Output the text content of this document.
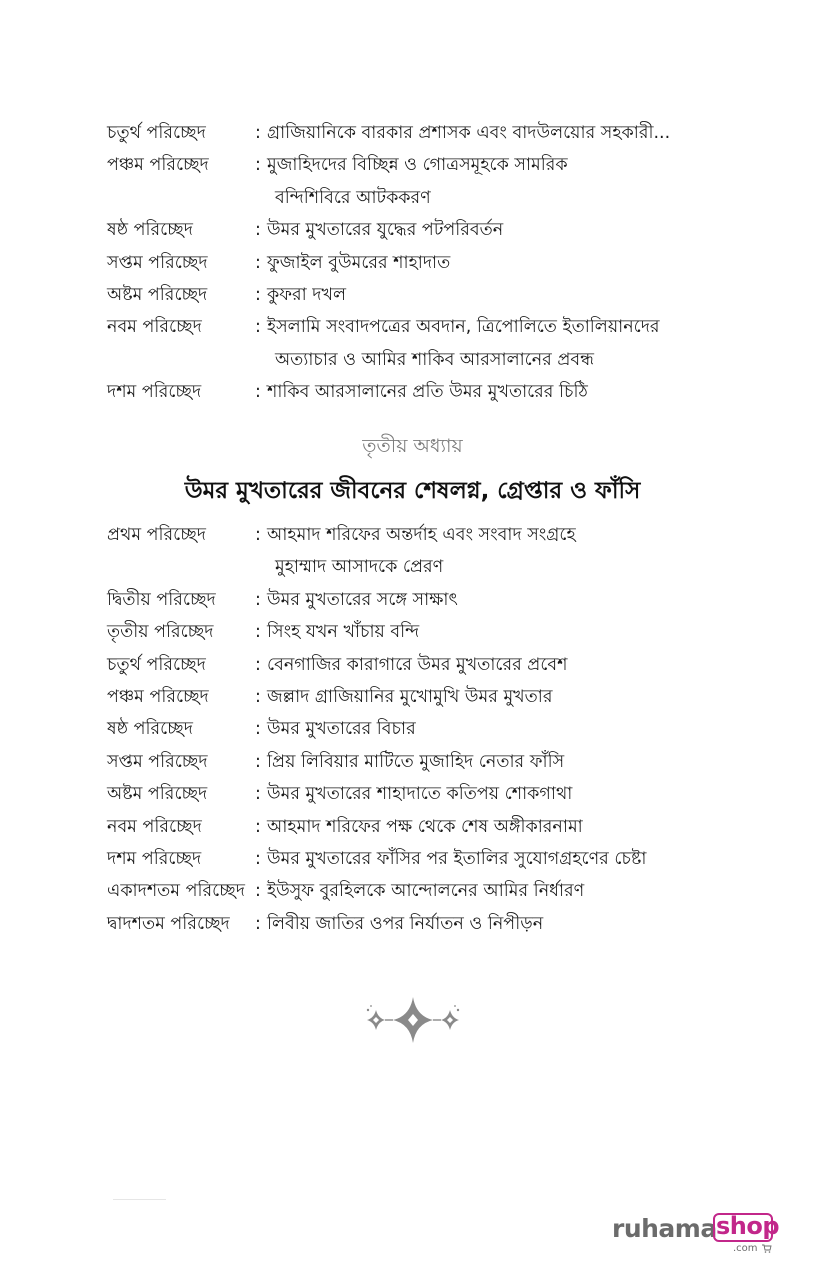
চতুর্থ পরিচ্ছেদ	: গ্রাজিয়ানিকে বারকার প্রশাসক এবং বাদউলয়োর সহকারী...
পঞ্চম পরিচ্ছেদ	: মুজাহিদদের বিচ্ছিন্ন ও গোত্রসমূহকে সামরিক
বন্দিশিবিরে আটককরণ
ষষ্ঠ পরিচ্ছেদ	: উমর মুখতারের যুদ্ধের পটপরিবর্তন
সপ্তম পরিচ্ছেদ	: ফুজাইল বুউমরের শাহাদাত
অষ্টম পরিচ্ছেদ	: কুফরা দখল
নবম পরিচ্ছেদ	: ইসলামি সংবাদপত্রের অবদান, ত্রিপোলিতে ইতালিয়ানদের
অত্যাচার ও আমির শাকিব আরসালানের প্রবন্ধ
দশম পরিচ্ছেদ	: শাকিব আরসালানের প্রতি উমর মুখতারের চিঠি
তৃতীয় অধ্যায়
উমর মুখতারের জীবনের শেষলগ্ন, গ্রেপ্তার ও ফাঁসি
প্রথম পরিচ্ছেদ	: আহমাদ শরিফের অন্তর্দাহ এবং সংবাদ সংগ্রহে
মুহাম্মাদ আসাদকে প্রেরণ
দ্বিতীয় পরিচ্ছেদ	: উমর মুখতারের সঙ্গে সাক্ষাৎ
তৃতীয় পরিচ্ছেদ	: সিংহ যখন খাঁচায় বন্দি
চতুর্থ পরিচ্ছেদ	: বেনগাজির কারাগারে উমর মুখতারের প্রবেশ
পঞ্চম পরিচ্ছেদ	: জল্লাদ গ্রাজিয়ানির মুখোমুখি উমর মুখতার
ষষ্ঠ পরিচ্ছেদ	: উমর মুখতারের বিচার
সপ্তম পরিচ্ছেদ	: প্রিয় লিবিয়ার মাটিতে মুজাহিদ নেতার ফাঁসি
অষ্টম পরিচ্ছেদ	: উমর মুখতারের শাহাদাতে কতিপয় শোকগাথা
নবম পরিচ্ছেদ	: আহমাদ শরিফের পক্ষ থেকে শেষ অঙ্গীকারনামা
দশম পরিচ্ছেদ	: উমর মুখতারের ফাঁসির পর ইতালির সুযোগগ্রহণের চেষ্টা
একাদশতম পরিচ্ছেদ : ইউসুফ বুরহিলকে আন্দোলনের আমির নির্ধারণ
দ্বাদশতম পরিচ্ছেদ	: লিবীয় জাতির ওপর নির্যাতন ও নিপীড়ন
ruhama shop
.com
